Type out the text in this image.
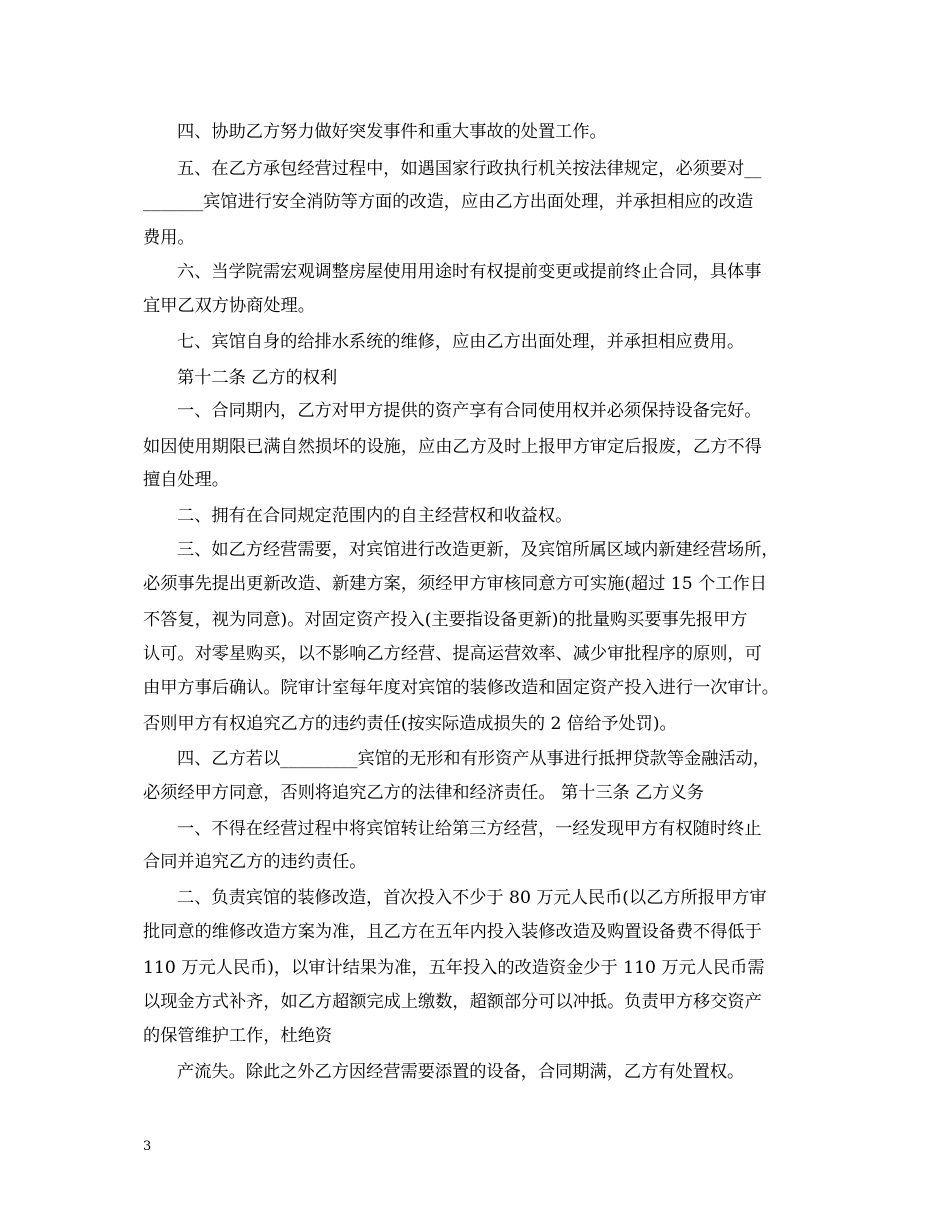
四、协助乙方努力做好突发事件和重大事故的处置工作。
五、在乙方承包经营过程中，如遇国家行政执行机关按法律规定，必须要对__
_______宾馆进行安全消防等方面的改造，应由乙方出面处理，并承担相应的改造
费用。
六、当学院需宏观调整房屋使用用途时有权提前变更或提前终止合同，具体事
宜甲乙双方协商处理。
七、宾馆自身的给排水系统的维修，应由乙方出面处理，并承担相应费用。
第十二条 乙方的权利
一、合同期内，乙方对甲方提供的资产享有合同使用权并必须保持设备完好。
如因使用期限已满自然损坏的设施，应由乙方及时上报甲方审定后报废，乙方不得
擅自处理。
二、拥有在合同规定范围内的自主经营权和收益权。
三、如乙方经营需要，对宾馆进行改造更新，及宾馆所属区域内新建经营场所，
必须事先提出更新改造、新建方案，须经甲方审核同意方可实施(超过 15 个工作日
不答复，视为同意)。对固定资产投入(主要指设备更新)的批量购买要事先报甲方
认可。对零星购买，以不影响乙方经营、提高运营效率、减少审批程序的原则，可
由甲方事后确认。院审计室每年度对宾馆的装修改造和固定资产投入进行一次审计。
否则甲方有权追究乙方的违约责任(按实际造成损失的 2 倍给予处罚)。
四、乙方若以_________宾馆的无形和有形资产从事进行抵押贷款等金融活动，
必须经甲方同意，否则将追究乙方的法律和经济责任。 第十三条 乙方义务
一、不得在经营过程中将宾馆转让给第三方经营，一经发现甲方有权随时终止
合同并追究乙方的违约责任。
二、负责宾馆的装修改造，首次投入不少于 80 万元人民币(以乙方所报甲方审
批同意的维修改造方案为准，且乙方在五年内投入装修改造及购置设备费不得低于
110 万元人民币)，以审计结果为准，五年投入的改造资金少于 110 万元人民币需
以现金方式补齐，如乙方超额完成上缴数，超额部分可以冲抵。负责甲方移交资产
的保管维护工作，杜绝资
产流失。除此之外乙方因经营需要添置的设备，合同期满，乙方有处置权。
3
